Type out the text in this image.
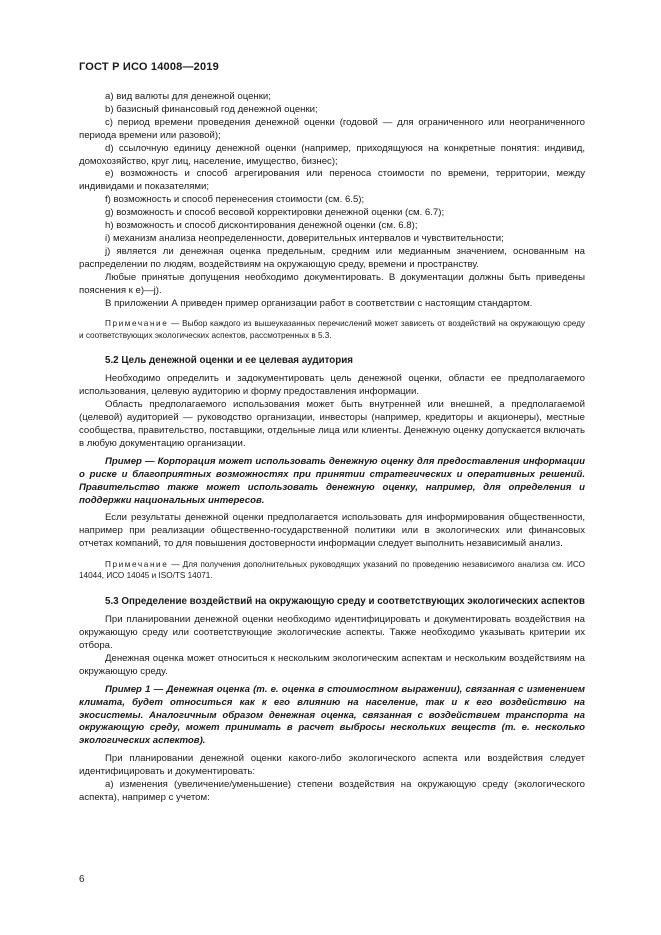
ГОСТ Р ИСО 14008—2019

а) вид валюты для денежной оценки;

b) базисный финансовый год денежной оценки;

с) период времени проведения денежной оценки (годовой — для ограниченного или неограниченного периода времени или разовой);

d) ссылочную единицу денежной оценки (например, приходящуюся на конкретные понятия: индивид, домохозяйство, круг лиц, население, имущество, бизнес);

е) возможность и способ агрегирования или переноса стоимости по времени, территории, между индивидами и показателями;

f) возможность и способ перенесения стоимости (см. 6.5);

g) возможность и способ весовой корректировки денежной оценки (см. 6.7);

h) возможность и способ дисконтирования денежной оценки (см. 6.8);

i) механизм анализа неопределенности, доверительных интервалов и чувствительности;

j) является ли денежная оценка предельным, средним или медианным значением, основанным на распределении по людям, воздействиям на окружающую среду, времени и пространству.

Любые принятые допущения необходимо документировать. В документации должны быть приведены пояснения к е)—j).

В приложении А приведен пример организации работ в соответствии с настоящим стандартом.

Примечание — Выбор каждого из вышеуказанных перечислений может зависеть от воздействий на окружающую среду и соответствующих экологических аспектов, рассмотренных в 5.3.

5.2 Цель денежной оценки и ее целевая аудитория

Необходимо определить и задокументировать цель денежной оценки, области ее предполагаемого использования, целевую аудиторию и форму предоставления информации.

Область предполагаемого использования может быть внутренней или внешней, а предполагаемой (целевой) аудиторией — руководство организации, инвесторы (например, кредиторы и акционеры), местные сообщества, правительство, поставщики, отдельные лица или клиенты. Денежную оценку допускается включать в любую документацию организации.

Пример — Корпорация может использовать денежную оценку для предоставления информации о риске и благоприятных возможностях при принятии стратегических и оперативных решений. Правительство также может использовать денежную оценку, например, для определения и поддержки национальных интересов.

Если результаты денежной оценки предполагается использовать для информирования общественности, например при реализации общественно-государственной политики или в экологических или финансовых отчетах компаний, то для повышения достоверности информации следует выполнить независимый анализ.

Примечание — Для получения дополнительных руководящих указаний по проведению независимого анализа см. ИСО 14044, ИСО 14045 и ISO/TS 14071.

5.3 Определение воздействий на окружающую среду и соответствующих экологических аспектов

При планировании денежной оценки необходимо идентифицировать и документировать воздействия на окружающую среду или соответствующие экологические аспекты. Также необходимо указывать критерии их отбора.

Денежная оценка может относиться к нескольким экологическим аспектам и нескольким воздействиям на окружающую среду.

Пример 1 — Денежная оценка (т. е. оценка в стоимостном выражении), связанная с изменением климата, будет относиться как к его влиянию на население, так и к его воздействию на экосистемы. Аналогичным образом денежная оценка, связанная с воздействием транспорта на окружающую среду, может принимать в расчет выбросы нескольких веществ (т. е. несколько экологических аспектов).

При планировании денежной оценки какого-либо экологического аспекта или воздействия следует идентифицировать и документировать:

а) изменения (увеличение/уменьшение) степени воздействия на окружающую среду (экологического аспекта), например с учетом:

6
